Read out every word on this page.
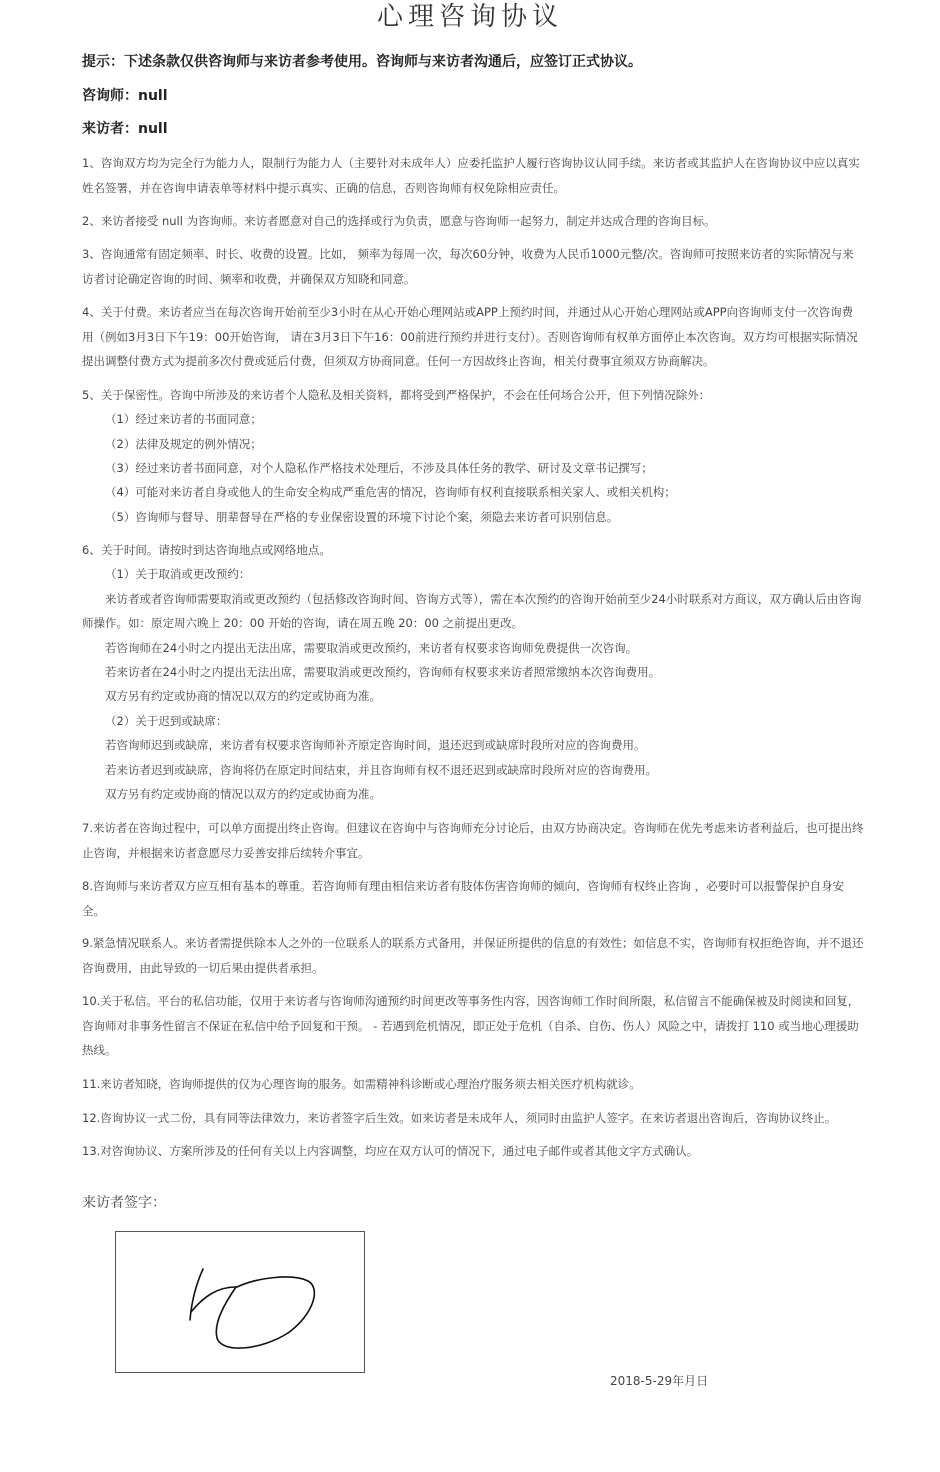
心理咨询协议
提示：下述条款仅供咨询师与来访者参考使用。咨询师与来访者沟通后，应签订正式协议。
咨询师：null
来访者：null
1、咨询双方均为完全行为能力人，限制行为能力人（主要针对未成年人）应委托监护人履行咨询协议认同手续。来访者或其监护人在咨询协议中应以真实姓名签署，并在咨询申请表单等材料中提示真实、正确的信息，否则咨询师有权免除相应责任。
2、来访者接受 null 为咨询师。来访者愿意对自己的选择或行为负责，愿意与咨询师一起努力，制定并达成合理的咨询目标。
3、咨询通常有固定频率、时长、收费的设置。比如， 频率为每周一次，每次60分钟，收费为人民币1000元整/次。咨询师可按照来访者的实际情况与来访者讨论确定咨询的时间、频率和收费，并确保双方知晓和同意。
4、关于付费。来访者应当在每次咨询开始前至少3小时在从心开始心理网站或APP上预约时间，并通过从心开始心理网站或APP向咨询师支付一次咨询费用（例如3月3日下午19：00开始咨询， 请在3月3日下午16：00前进行预约并进行支付）。否则咨询师有权单方面停止本次咨询。双方均可根据实际情况提出调整付费方式为提前多次付费或延后付费，但须双方协商同意。任何一方因故终止咨询，相关付费事宜须双方协商解决。
5、关于保密性。咨询中所涉及的来访者个人隐私及相关资料，都将受到严格保护，不会在任何场合公开，但下列情况除外：
（1）经过来访者的书面同意；
（2）法律及规定的例外情况；
（3）经过来访者书面同意，对个人隐私作严格技术处理后，不涉及具体任务的教学、研讨及文章书记撰写；
（4）可能对来访者自身或他人的生命安全构成严重危害的情况，咨询师有权利直接联系相关家人、或相关机构；
（5）咨询师与督导、朋辈督导在严格的专业保密设置的环境下讨论个案，须隐去来访者可识别信息。
6、关于时间。请按时到达咨询地点或网络地点。
（1）关于取消或更改预约：
来访者或者咨询师需要取消或更改预约（包括修改咨询时间、咨询方式等），需在本次预约的咨询开始前至少24小时联系对方商议，双方确认后由咨询
师操作。如：原定周六晚上 20：00 开始的咨询，请在周五晚 20：00 之前提出更改。
若咨询师在24小时之内提出无法出席，需要取消或更改预约，来访者有权要求咨询师免费提供一次咨询。
若来访者在24小时之内提出无法出席，需要取消或更改预约，咨询师有权要求来访者照常缴纳本次咨询费用。
双方另有约定或协商的情况以双方的约定或协商为准。
（2）关于迟到或缺席：
若咨询师迟到或缺席，来访者有权要求咨询师补齐原定咨询时间，退还迟到或缺席时段所对应的咨询费用。
若来访者迟到或缺席，咨询将仍在原定时间结束，并且咨询师有权不退还迟到或缺席时段所对应的咨询费用。
双方另有约定或协商的情况以双方的约定或协商为准。
7.来访者在咨询过程中，可以单方面提出终止咨询。但建议在咨询中与咨询师充分讨论后，由双方协商决定。咨询师在优先考虑来访者利益后，也可提出终止咨询，并根据来访者意愿尽力妥善安排后续转介事宜。
8.咨询师与来访者双方应互相有基本的尊重。若咨询师有理由相信来访者有肢体伤害咨询师的倾向，咨询师有权终止咨询 ，必要时可以报警保护自身安全。
9.紧急情况联系人。来访者需提供除本人之外的一位联系人的联系方式备用，并保证所提供的信息的有效性；如信息不实，咨询师有权拒绝咨询，并不退还咨询费用，由此导致的一切后果由提供者承担。
10.关于私信。平台的私信功能，仅用于来访者与咨询师沟通预约时间更改等事务性内容，因咨询师工作时间所限，私信留言不能确保被及时阅读和回复，咨询师对非事务性留言不保证在私信中给予回复和干预。 - 若遇到危机情况，即正处于危机（自杀、自伤、伤人）风险之中，请拨打 110 或当地心理援助热线。
11.来访者知晓，咨询师提供的仅为心理咨询的服务。如需精神科诊断或心理治疗服务须去相关医疗机构就诊。
12.咨询协议一式二份，具有同等法律效力，来访者签字后生效。如来访者是未成年人，须同时由监护人签字。在来访者退出咨询后，咨询协议终止。
13.对咨询协议、方案所涉及的任何有关以上内容调整，均应在双方认可的情况下，通过电子邮件或者其他文字方式确认。
来访者签字：
2018-5-29年月日
